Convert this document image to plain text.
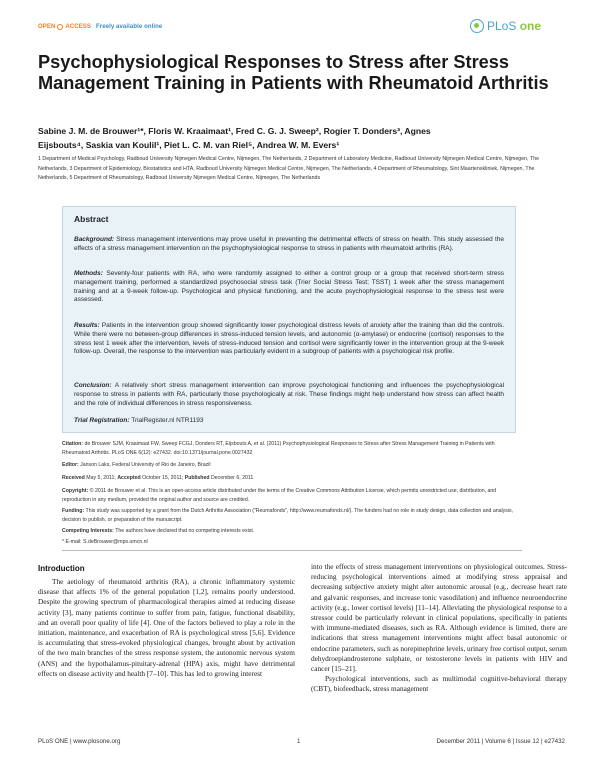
OPEN ACCESS Freely available online	PLoS one
Psychophysiological Responses to Stress after Stress Management Training in Patients with Rheumatoid Arthritis
Sabine J. M. de Brouwer¹*, Floris W. Kraaimaat¹, Fred C. G. J. Sweep², Rogier T. Donders³, Agnes
Eijsbouts⁴, Saskia van Koulil¹, Piet L. C. M. van Riel⁵, Andrea W. M. Evers¹
1 Department of Medical Psychology, Radboud University Nijmegen Medical Centre, Nijmegen, The Netherlands, 2 Department of Laboratory Medicine, Radboud University Nijmegen Medical Centre, Nijmegen, The Netherlands, 3 Department of Epidemiology, Biostatistics and HTA, Radboud University Nijmegen Medical Centre, Nijmegen, The Netherlands, 4 Department of Rheumatology, Sint Maartenskliniek, Nijmegen, The Netherlands, 5 Department of Rheumatology, Radboud University Nijmegen Medical Centre, Nijmegen, The Netherlands
Abstract
Background: Stress management interventions may prove useful in preventing the detrimental effects of stress on health. This study assessed the effects of a stress management intervention on the psychophysiological response to stress in patients with rheumatoid arthritis (RA).
Methods: Seventy-four patients with RA, who were randomly assigned to either a control group or a group that received short-term stress management training, performed a standardized psychosocial stress task (Trier Social Stress Test; TSST) 1 week after the stress management training and at a 9-week follow-up. Psychological and physical functioning, and the acute psychophysiological response to the stress test were assessed.
Results: Patients in the intervention group showed significantly lower psychological distress levels of anxiety after the training than did the controls. While there were no between-group differences in stress-induced tension levels, and autonomic (α-amylase) or endocrine (cortisol) responses to the stress test 1 week after the intervention, levels of stress-induced tension and cortisol were significantly lower in the intervention group at the 9-week follow-up. Overall, the response to the intervention was particularly evident in a subgroup of patients with a psychological risk profile.
Conclusion: A relatively short stress management intervention can improve psychological functioning and influences the psychophysiological response to stress in patients with RA, particularly those psychologically at risk. These findings might help understand how stress can affect health and the role of individual differences in stress responsiveness.
Trial Registration: TrialRegister.nl NTR1193
Citation: de Brouwer SJM, Kraaimaat FW, Sweep FCGJ, Donders RT, Eijsbouts A, et al. (2011) Psychophysiological Responses to Stress after Stress Management Training in Patients with Rheumatoid Arthritis. PLoS ONE 6(12): e27432. doi:10.1371/journal.pone.0027432
Editor: Janson Laks, Federal University of Rio de Janeiro, Brazil
Received May 5, 2011; Accepted October 15, 2011; Published December 6, 2011
Copyright: © 2011 de Brouwer et al. This is an open-access article distributed under the terms of the Creative Commons Attribution License, which permits unrestricted use, distribution, and reproduction in any medium, provided the original author and source are credited.
Funding: This study was supported by a grant from the Dutch Arthritis Association ("Reumafonds", http://www.reumafonds.nl/). The funders had no role in study design, data collection and analysis, decision to publish, or preparation of the manuscript.
Competing Interests: The authors have declared that no competing interests exist.
* E-mail: S.deBrouwer@mps.umcn.nl
Introduction
The aetiology of rheumatoid arthritis (RA), a chronic inflammatory systemic disease that affects 1% of the general population [1,2], remains poorly understood. Despite the growing spectrum of pharmacological therapies aimed at reducing disease activity [3], many patients continue to suffer from pain, fatigue, functional disability, and an overall poor quality of life [4]. One of the factors believed to play a role in the initiation, maintenance, and exacerbation of RA is psychological stress [5,6]. Evidence is accumulating that stress-evoked physiological changes, brought about by activation of the two main branches of the stress response system, the autonomic nervous system (ANS) and the hypothalamus-pituitary-adrenal (HPA) axis, might have detrimental effects on disease activity and health [7–10]. This has led to growing interest

into the effects of stress management interventions on physiological outcomes. Stress-reducing psychological interventions aimed at modifying stress appraisal and decreasing subjective anxiety might alter autonomic arousal (e.g., decrease heart rate and galvanic responses, and increase tonic vasodilation) and influence neuroendocrine activity (e.g., lower cortisol levels) [11–14]. Alleviating the physiological response to a stressor could be particularly relevant in clinical populations, specifically in patients with immune-mediated diseases, such as RA. Although evidence is limited, there are indications that stress management interventions might affect basal autonomic or endocrine parameters, such as norepinephrine levels, urinary free cortisol output, serum dehydroepiandrosterone sulphate, or testosterone levels in patients with HIV and cancer [15–21].

Psychological interventions, such as multimodal cognitive-behavioral therapy (CBT), biofeedback, stress management

PLoS ONE | www.plosone.org	1	December 2011 | Volume 6 | Issue 12 | e27432
